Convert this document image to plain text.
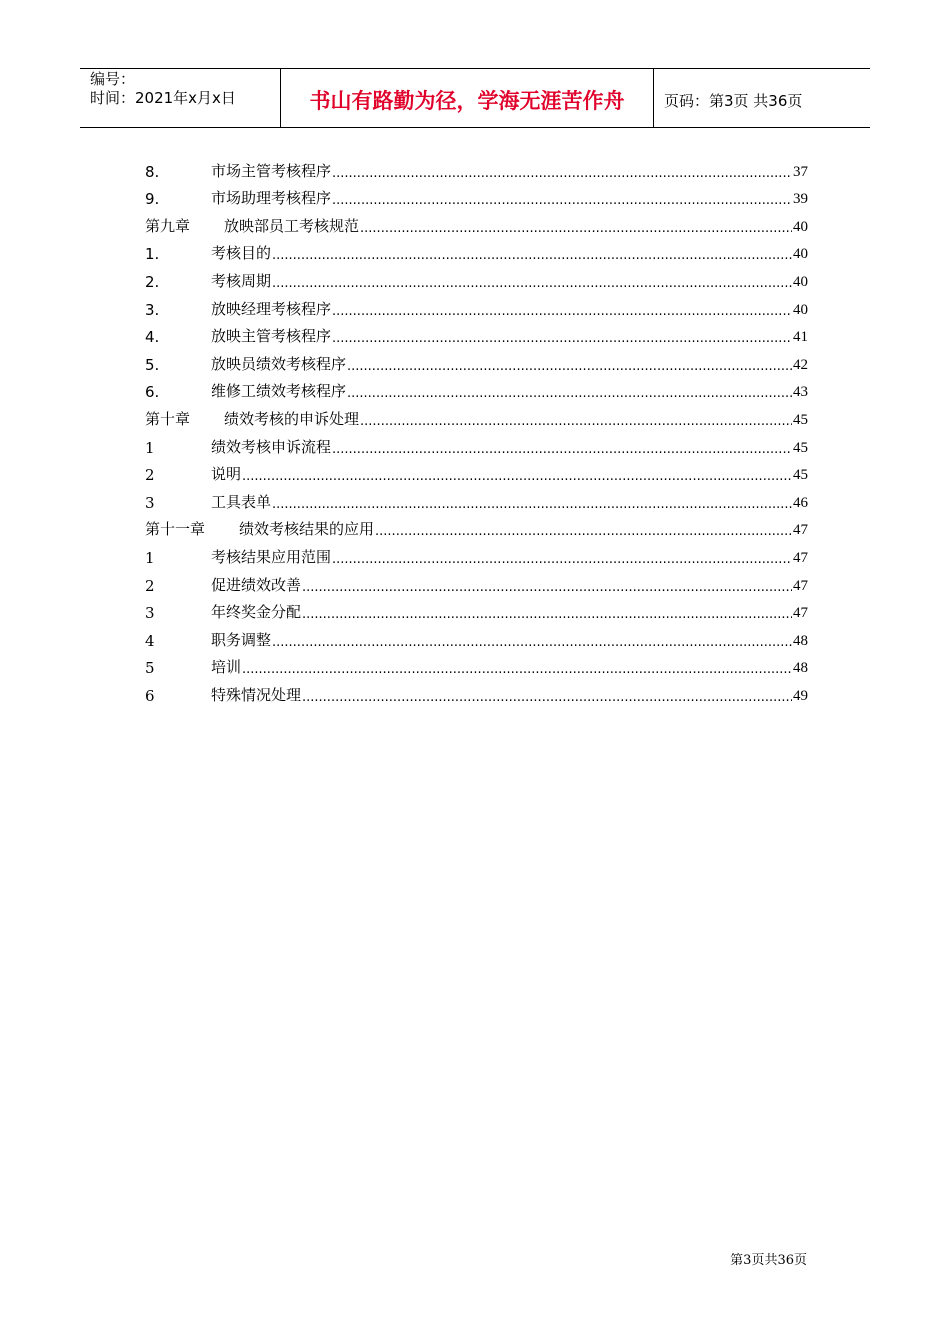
编号：
时间：2021年x月x日	书山有路勤为径，学海无涯苦作舟	页码：第3页 共36页
8.	市场主管考核程序 .....	37
9.	市场助理考核程序 .....	39
第九章 放映部员工考核规范 .....	40
1.	考核目的 .....	40
2.	考核周期 .....	40
3.	放映经理考核程序 .....	40
4.	放映主管考核程序 .....	41
5.	放映员绩效考核程序 .....	42
6.	维修工绩效考核程序 .....	43
第十章 绩效考核的申诉处理 .....	45
1	绩效考核申诉流程 .....	45
2	说明 .....	45
3	工具表单 .....	46
第十一章 绩效考核结果的应用 .....	47
1	考核结果应用范围 .....	47
2	促进绩效改善 .....	47
3	年终奖金分配 .....	47
4	职务调整 .....	48
5	培训 .....	48
6	特殊情况处理 .....	49
第3页共36页
